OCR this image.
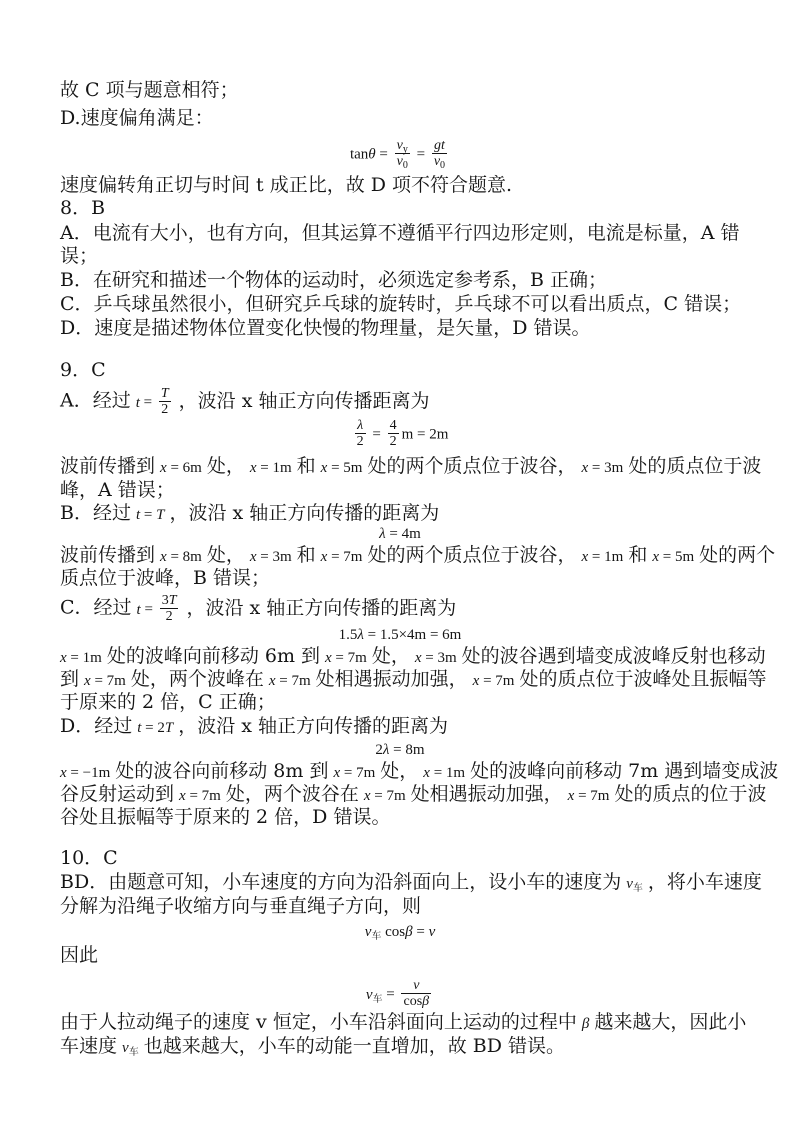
故 C 项与题意相符；
D.速度偏角满足：
$\tan\theta = \frac{v_y}{v_0} = \frac{gt}{v_0}$
速度偏转角正切与时间 t 成正比，故 D 项不符合题意.
8．B
A．电流有大小，也有方向，但其运算不遵循平行四边形定则，电流是标量，A 错
误；
B．在研究和描述一个物体的运动时，必须选定参考系，B 正确；
C．乒乓球虽然很小，但研究乒乓球的旋转时，乒乓球不可以看出质点，C 错误；
D．速度是描述物体位置变化快慢的物理量，是矢量，D 错误。
9．C
A．经过 $t = \frac{T}{2}$ ，波沿 x 轴正方向传播距离为
$\frac{\lambda}{2} = \frac{4}{2}$ m = 2m
波前传播到 x = 6m 处， x = 1m 和 x = 5m 处的两个质点位于波谷， x = 3m 处的质点位于波
峰，A 错误；
B．经过 t = T ，波沿 x 轴正方向传播的距离为
λ = 4m
波前传播到 x = 8m 处， x = 3m 和 x = 7m 处的两个质点位于波谷， x = 1m 和 x = 5m 处的两个
质点位于波峰，B 错误；
C．经过 $t = \frac{3T}{2}$ ，波沿 x 轴正方向传播的距离为
1.5λ = 1.5×4m = 6m
x = 1m 处的波峰向前移动 6m 到 x = 7m 处， x = 3m 处的波谷遇到墙变成波峰反射也移动
到 x = 7m 处，两个波峰在 x = 7m 处相遇振动加强， x = 7m 处的质点位于波峰处且振幅等
于原来的 2 倍，C 正确；
D．经过 t = 2T ，波沿 x 轴正方向传播的距离为
2λ = 8m
x = −1m 处的波谷向前移动 8m 到 x = 7m 处， x = 1m 处的波峰向前移动 7m 遇到墙变成波
谷反射运动到 x = 7m 处，两个波谷在 x = 7m 处相遇振动加强， x = 7m 处的质点的位于波
谷处且振幅等于原来的 2 倍，D 错误。
10．C
BD．由题意可知，小车速度的方向为沿斜面向上，设小车的速度为 $v_车$ ，将小车速度
分解为沿绳子收缩方向与垂直绳子方向，则
$v_车$ cosβ = v
因此
$v_车 = \frac{v}{\cos\beta}$
由于人拉动绳子的速度 v 恒定，小车沿斜面向上运动的过程中 β 越来越大，因此小
车速度 $v_车$ 也越来越大，小车的动能一直增加，故 BD 错误。
